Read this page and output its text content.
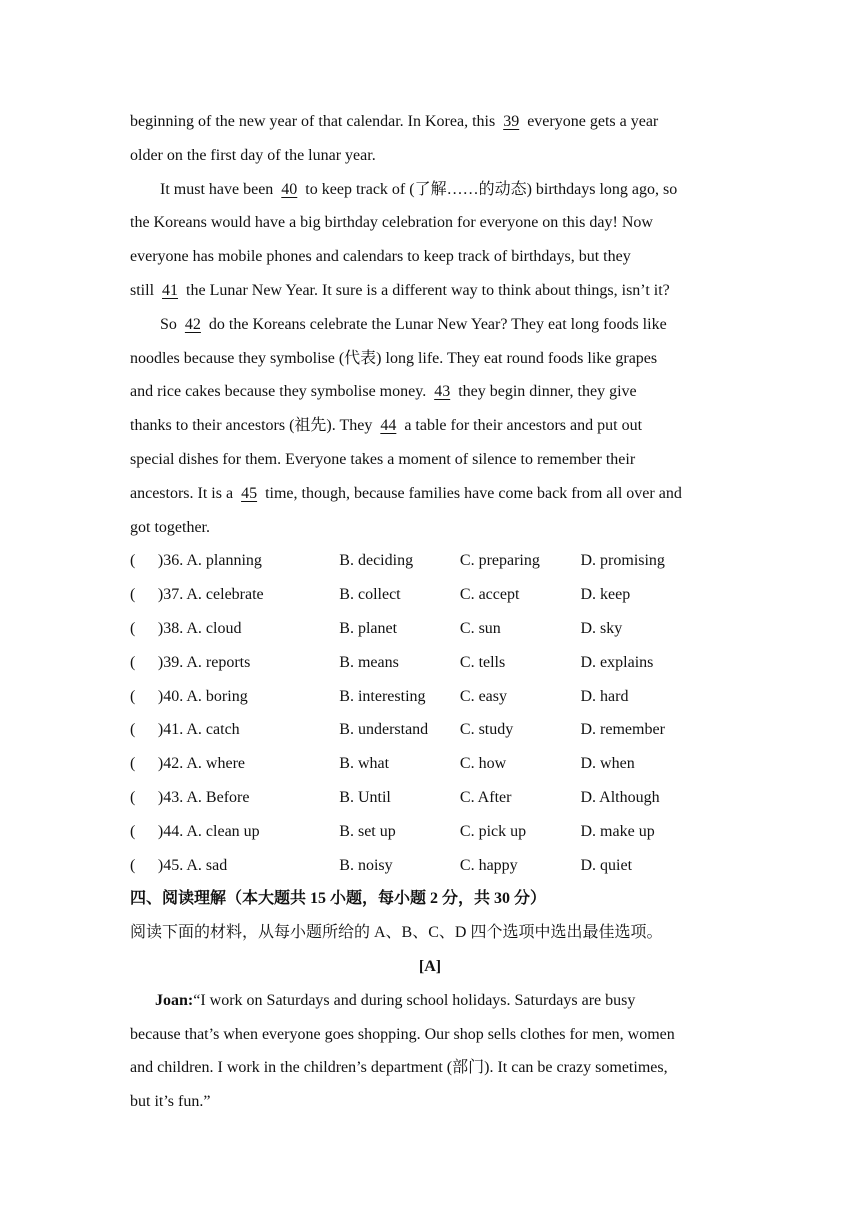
beginning of the new year of that calendar. In Korea, this 39 everyone gets a year
older on the first day of the lunar year.
It must have been 40 to keep track of (了解……的动态) birthdays long ago, so
the Koreans would have a big birthday celebration for everyone on this day! Now
everyone has mobile phones and calendars to keep track of birthdays, but they
still 41 the Lunar New Year. It sure is a different way to think about things, isn’t it?
So 42 do the Koreans celebrate the Lunar New Year? They eat long foods like
noodles because they symbolise (代表) long life. They eat round foods like grapes
and rice cakes because they symbolise money. 43 they begin dinner, they give
thanks to their ancestors (祖先). They 44 a table for their ancestors and put out
special dishes for them. Everyone takes a moment of silence to remember their
ancestors. It is a 45 time, though, because families have come back from all over and
got together.
(	)36. A. planning	B. deciding	C. preparing	D. promising
(	)37. A. celebrate	B. collect	C. accept	D. keep
(	)38. A. cloud	B. planet	C. sun	D. sky
(	)39. A. reports	B. means	C. tells	D. explains
(	)40. A. boring	B. interesting	C. easy	D. hard
(	)41. A. catch	B. understand	C. study	D. remember
(	)42. A. where	B. what	C. how	D. when
(	)43. A. Before	B. Until	C. After	D. Although
(	)44. A. clean up	B. set up	C. pick up	D. make up
(	)45. A. sad	B. noisy	C. happy	D. quiet
四、阅读理解（本大题共 15 小题，每小题 2 分，共 30 分）
阅读下面的材料，从每小题所给的 A、B、C、D 四个选项中选出最佳选项。
[A]
Joan:“I work on Saturdays and during school holidays. Saturdays are busy
because that’s when everyone goes shopping. Our shop sells clothes for men, women
and children. I work in the children’s department (部门). It can be crazy sometimes,
but it’s fun.”
